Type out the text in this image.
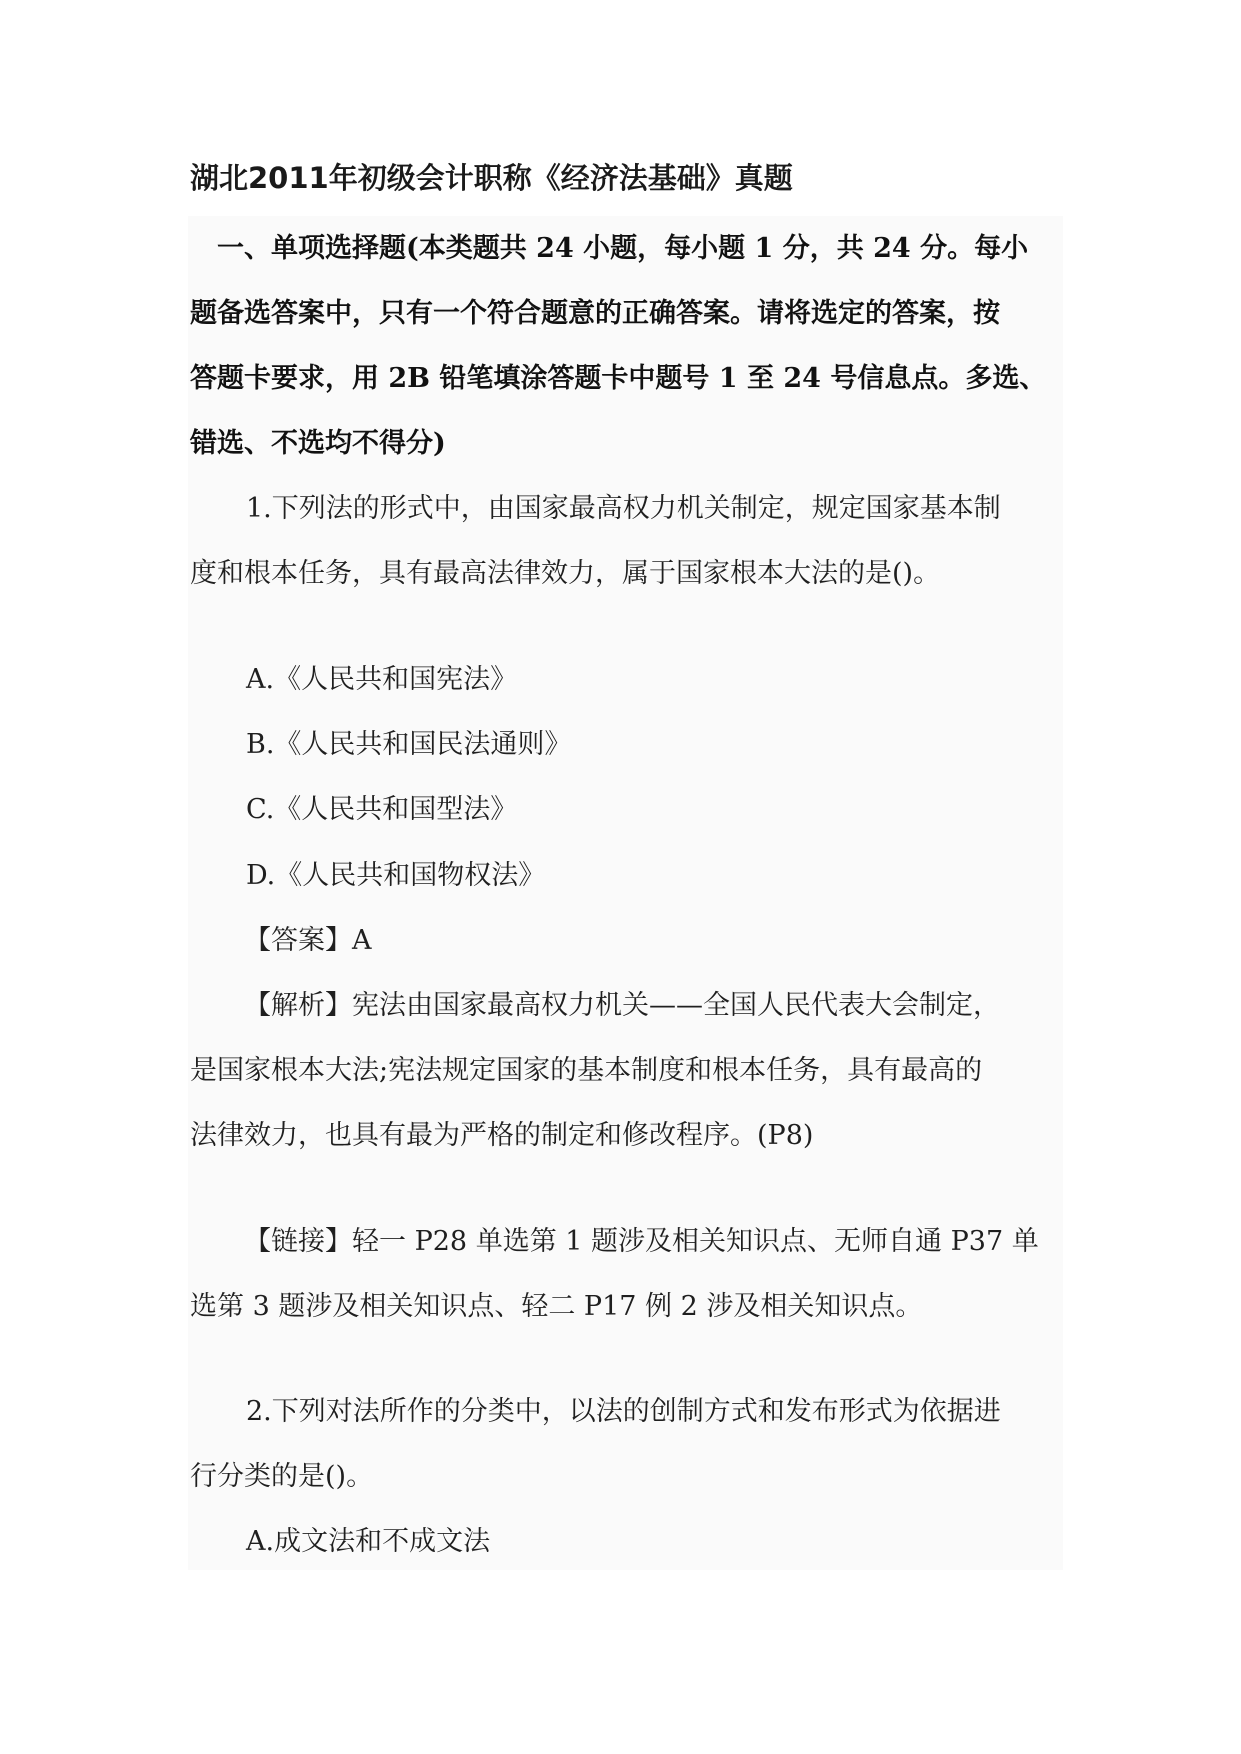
湖北2011年初级会计职称《经济法基础》真题
一、单项选择题(本类题共 24 小题，每小题 1 分，共 24 分。每小
题备选答案中，只有一个符合题意的正确答案。请将选定的答案，按
答题卡要求，用 2B 铅笔填涂答题卡中题号 1 至 24 号信息点。多选、
错选、不选均不得分)
1.下列法的形式中，由国家最高权力机关制定，规定国家基本制
度和根本任务，具有最高法律效力，属于国家根本大法的是()。
A.《人民共和国宪法》
B.《人民共和国民法通则》
C.《人民共和国型法》
D.《人民共和国物权法》
【答案】A
【解析】宪法由国家最高权力机关——全国人民代表大会制定，
是国家根本大法;宪法规定国家的基本制度和根本任务，具有最高的
法律效力，也具有最为严格的制定和修改程序。(P8)
【链接】轻一 P28 单选第 1 题涉及相关知识点、无师自通 P37 单
选第 3 题涉及相关知识点、轻二 P17 例 2 涉及相关知识点。
2.下列对法所作的分类中，以法的创制方式和发布形式为依据进
行分类的是()。
A.成文法和不成文法
